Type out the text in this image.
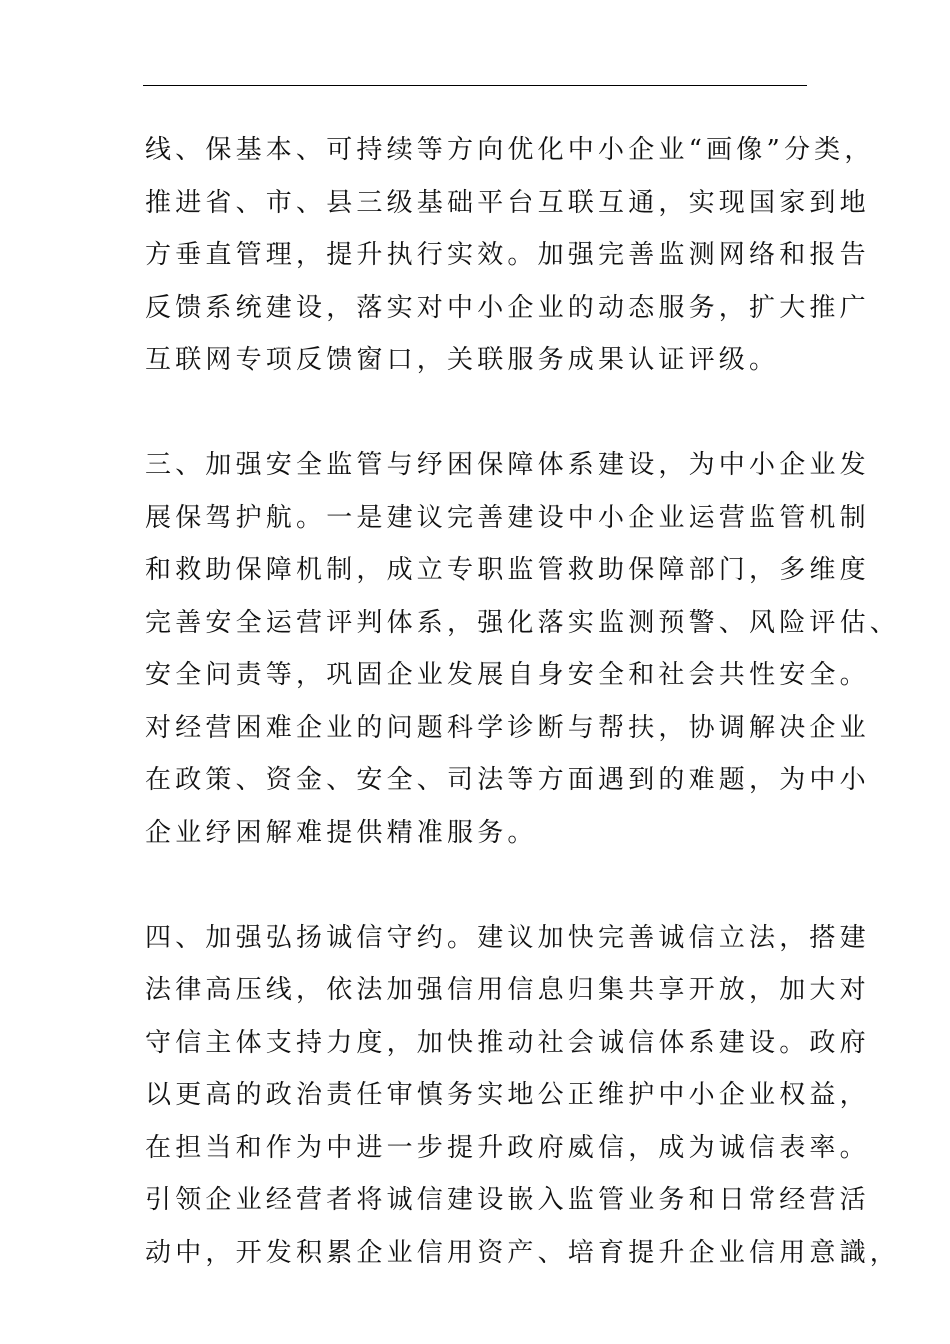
线、保基本、可持续等方向优化中小企业“画像”分类，
推进省、市、县三级基础平台互联互通，实现国家到地
方垂直管理，提升执行实效。加强完善监测网络和报告
反馈系统建设，落实对中小企业的动态服务，扩大推广
互联网专项反馈窗口，关联服务成果认证评级。
三、加强安全监管与纾困保障体系建设，为中小企业发
展保驾护航。一是建议完善建设中小企业运营监管机制
和救助保障机制，成立专职监管救助保障部门，多维度
完善安全运营评判体系，强化落实监测预警、风险评估、
安全问责等，巩固企业发展自身安全和社会共性安全。
对经营困难企业的问题科学诊断与帮扶，协调解决企业
在政策、资金、安全、司法等方面遇到的难题，为中小
企业纾困解难提供精准服务。
四、加强弘扬诚信守约。建议加快完善诚信立法，搭建
法律高压线，依法加强信用信息归集共享开放，加大对
守信主体支持力度，加快推动社会诚信体系建设。政府
以更高的政治责任审慎务实地公正维护中小企业权益，
在担当和作为中进一步提升政府威信，成为诚信表率。
引领企业经营者将诚信建设嵌入监管业务和日常经营活
动中，开发积累企业信用资产、培育提升企业信用意識，
